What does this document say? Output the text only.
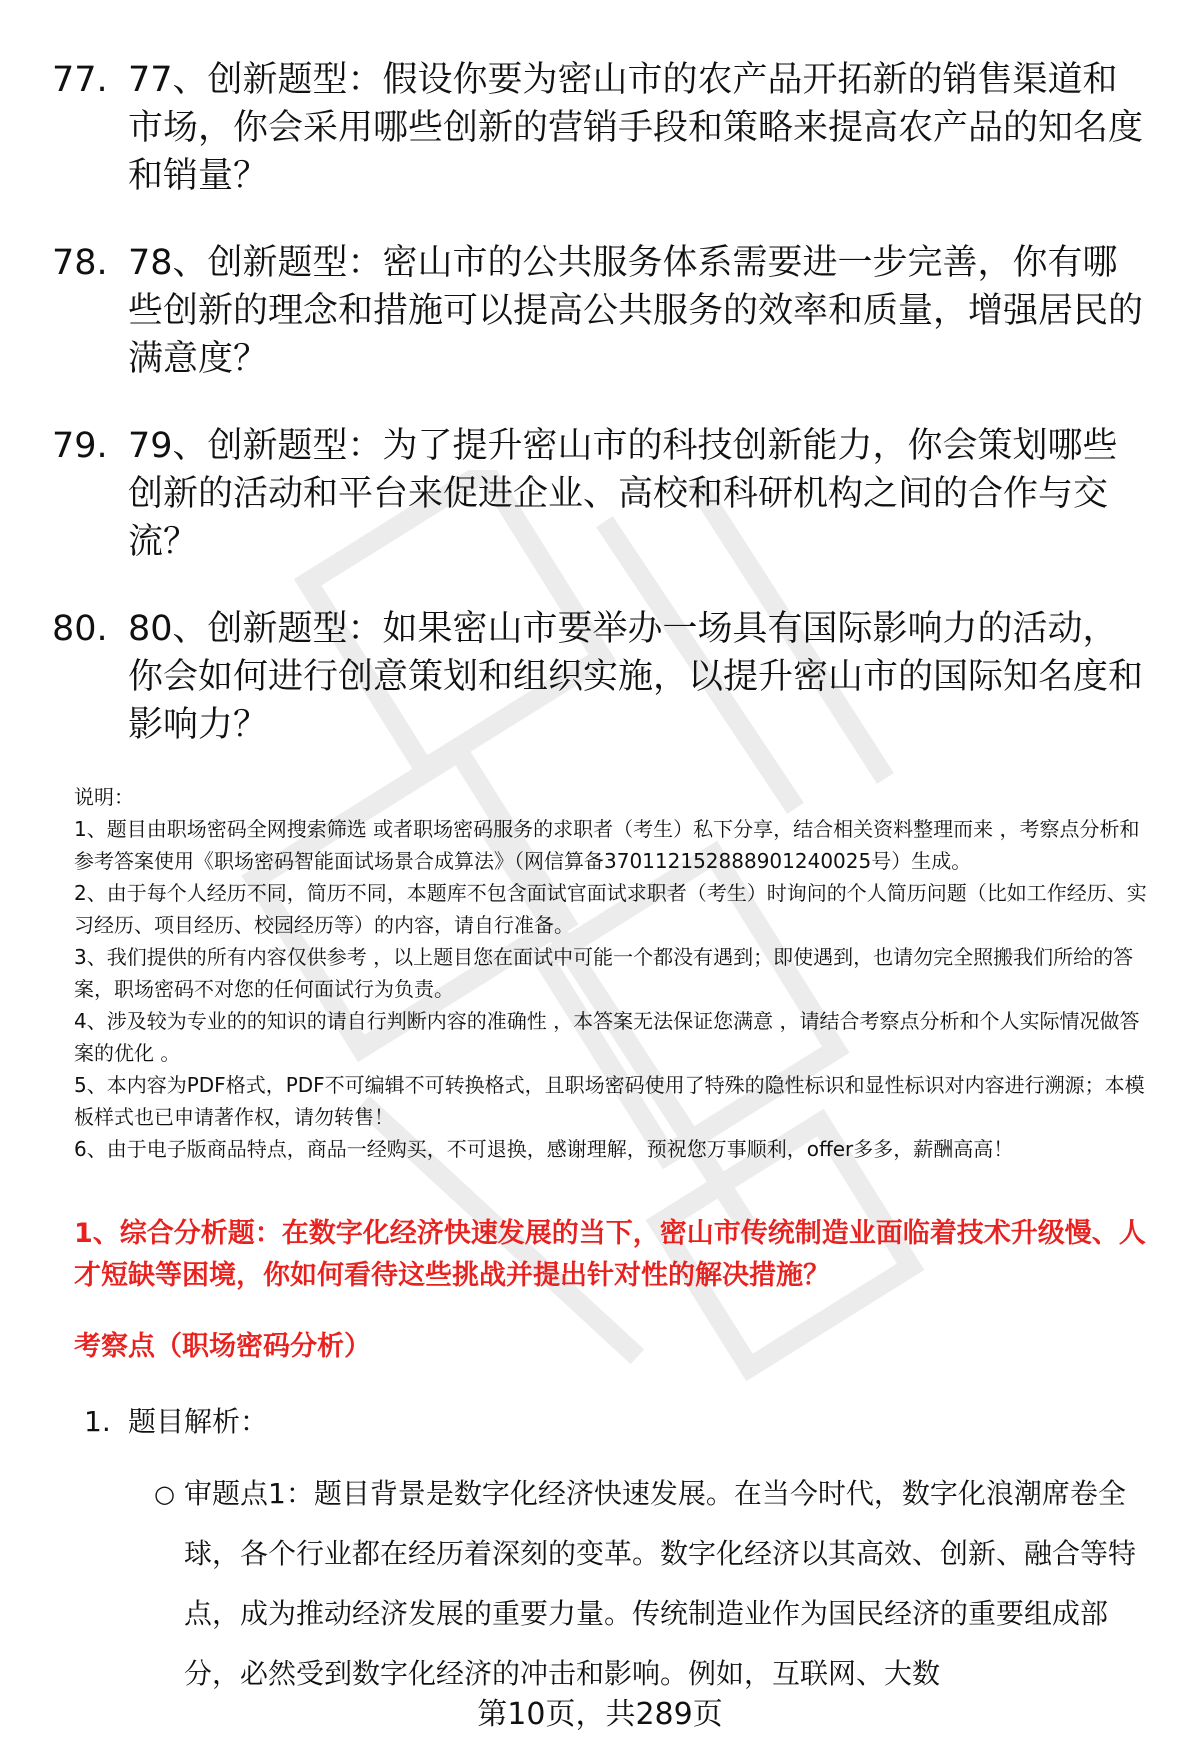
77. 77、创新题型：假设你要为密山市的农产品开拓新的销售渠道和市场，你会采用哪些创新的营销手段和策略来提高农产品的知名度和销量？
78. 78、创新题型：密山市的公共服务体系需要进一步完善，你有哪些创新的理念和措施可以提高公共服务的效率和质量，增强居民的满意度？
79. 79、创新题型：为了提升密山市的科技创新能力，你会策划哪些创新的活动和平台来促进企业、高校和科研机构之间的合作与交流？
80. 80、创新题型：如果密山市要举办一场具有国际影响力的活动，你会如何进行创意策划和组织实施，以提升密山市的国际知名度和影响力？

说明：

1、题目由职场密码全网搜索筛选 或者职场密码服务的求职者（考生）私下分享，结合相关资料整理而来 ，考察点分析和参考答案使用《职场密码智能面试场景合成算法》（网信算备370112152888901240025号）生成。

2、由于每个人经历不同，简历不同，本题库不包含面试官面试求职者（考生）时询问的个人简历问题（比如工作经历、实习经历、项目经历、校园经历等）的内容，请自行准备。

3、我们提供的所有内容仅供参考 ，以上题目您在面试中可能一个都没有遇到；即使遇到，也请勿完全照搬我们所给的答案，职场密码不对您的任何面试行为负责。

4、涉及较为专业的的知识的请自行判断内容的准确性 ，本答案无法保证您满意 ，请结合考察点分析和个人实际情况做答案的优化 。

5、本内容为PDF格式，PDF不可编辑不可转换格式，且职场密码使用了特殊的隐性标识和显性标识对内容进行溯源；本模板样式也已申请著作权，请勿转售！

6、由于电子版商品特点，商品一经购买，不可退换，感谢理解，预祝您万事顺利，offer多多，薪酬高高！

1、综合分析题：在数字化经济快速发展的当下，密山市传统制造业面临着技术升级慢、人才短缺等困境，你如何看待这些挑战并提出针对性的解决措施？
考察点（职场密码分析）
1. 题目解析：
○ 审题点1：题目背景是数字化经济快速发展。在当今时代，数字化浪潮席卷全球，各个行业都在经历着深刻的变革。数字化经济以其高效、创新、融合等特点，成为推动经济发展的重要力量。传统制造业作为国民经济的重要组成部分，必然受到数字化经济的冲击和影响。例如，互联网、大数
第10页，共289页
